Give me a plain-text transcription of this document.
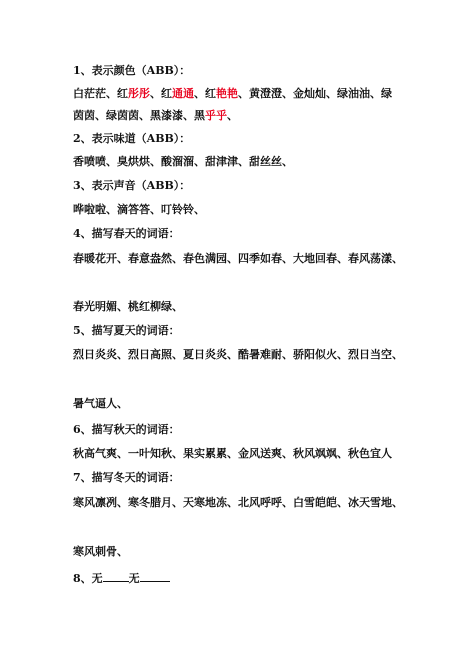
1、表示颜色（ABB）：
白茫茫、红彤彤、红通通、红艳艳、黄澄澄、金灿灿、绿油油、绿
茵茵、绿茵茵、黑漆漆、黑乎乎、
2、表示味道（ABB）：
香喷喷、臭烘烘、酸溜溜、甜津津、甜丝丝、
3、表示声音（ABB）：
哗啦啦、滴答答、叮铃铃、
4、描写春天的词语：
春暖花开、春意盎然、春色满园、四季如春、大地回春、春风荡漾、
春光明媚、桃红柳绿、
5、描写夏天的词语：
烈日炎炎、烈日高照、夏日炎炎、酷暑难耐、骄阳似火、烈日当空、
暑气逼人、
6、描写秋天的词语：
秋高气爽、一叶知秋、果实累累、金风送爽、秋风飒飒、秋色宜人
7、描写冬天的词语：
寒风凛冽、寒冬腊月、天寒地冻、北风呼呼、白雪皑皑、冰天雪地、
寒风刺骨、
8、无 无
